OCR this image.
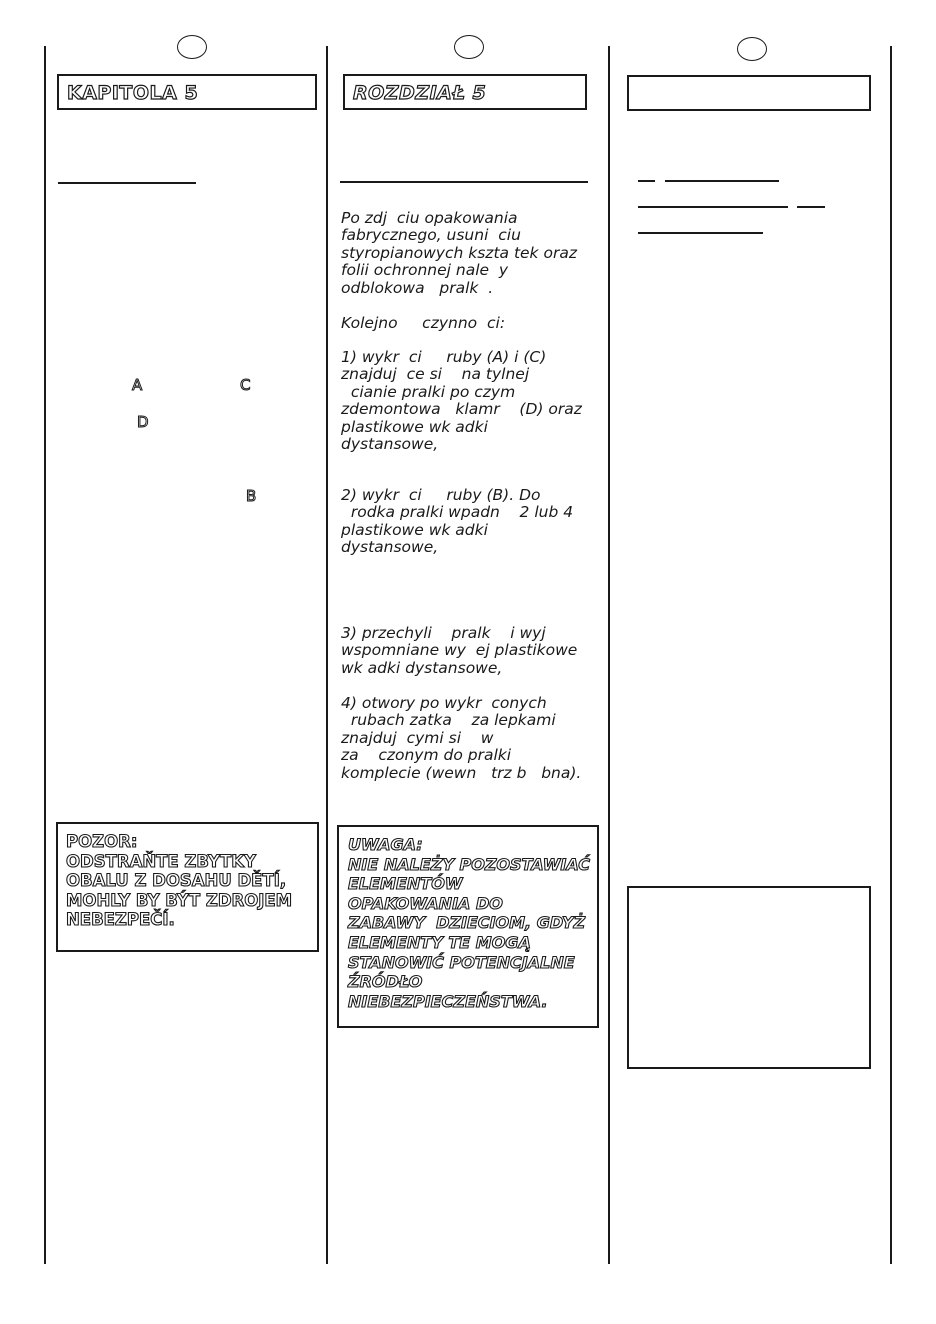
KAPITOLA 5
A	C
D
B
POZOR:
ODSTRAŇTE ZBYTKY
OBALU Z DOSAHU DĚTÍ,
MOHLY BY BÝT ZDROJEM
NEBEZPEČÍ.
ROZDZIAŁ 5
Po zdj  ciu opakowania
fabrycznego, usuni  ciu
styropianowych kszta tek oraz
folii ochronnej nale  y
odblokowa   pralk  .
Kolejno     czynno  ci:
1) wykr  ci     ruby (A) i (C)
znajduj  ce si    na tylnej
cianie pralki po czym
zdemontowa   klamr    (D) oraz
plastikowe wk adki
dystansowe,
2) wykr  ci     ruby (B). Do
rodka pralki wpadn    2 lub 4
plastikowe wk adki
dystansowe,
3) przechyli    pralk    i wyj
wspomniane wy  ej plastikowe
wk adki dystansowe,
4) otwory po wykr  conych
rubach zatka    za lepkami
znajduj  cymi si    w
za    czonym do pralki
komplecie (wewn   trz b   bna).
UWAGA:
NIE NALEŻY POZOSTAWIAĆ
ELEMENTÓW
OPAKOWANIA DO
ZABAWY  DZIECIOM, GDYŻ
ELEMENTY TE MOGĄ
STANOWIĆ POTENCJALNE
ŹRÓDŁO
NIEBEZPIECZEŃSTWA.
